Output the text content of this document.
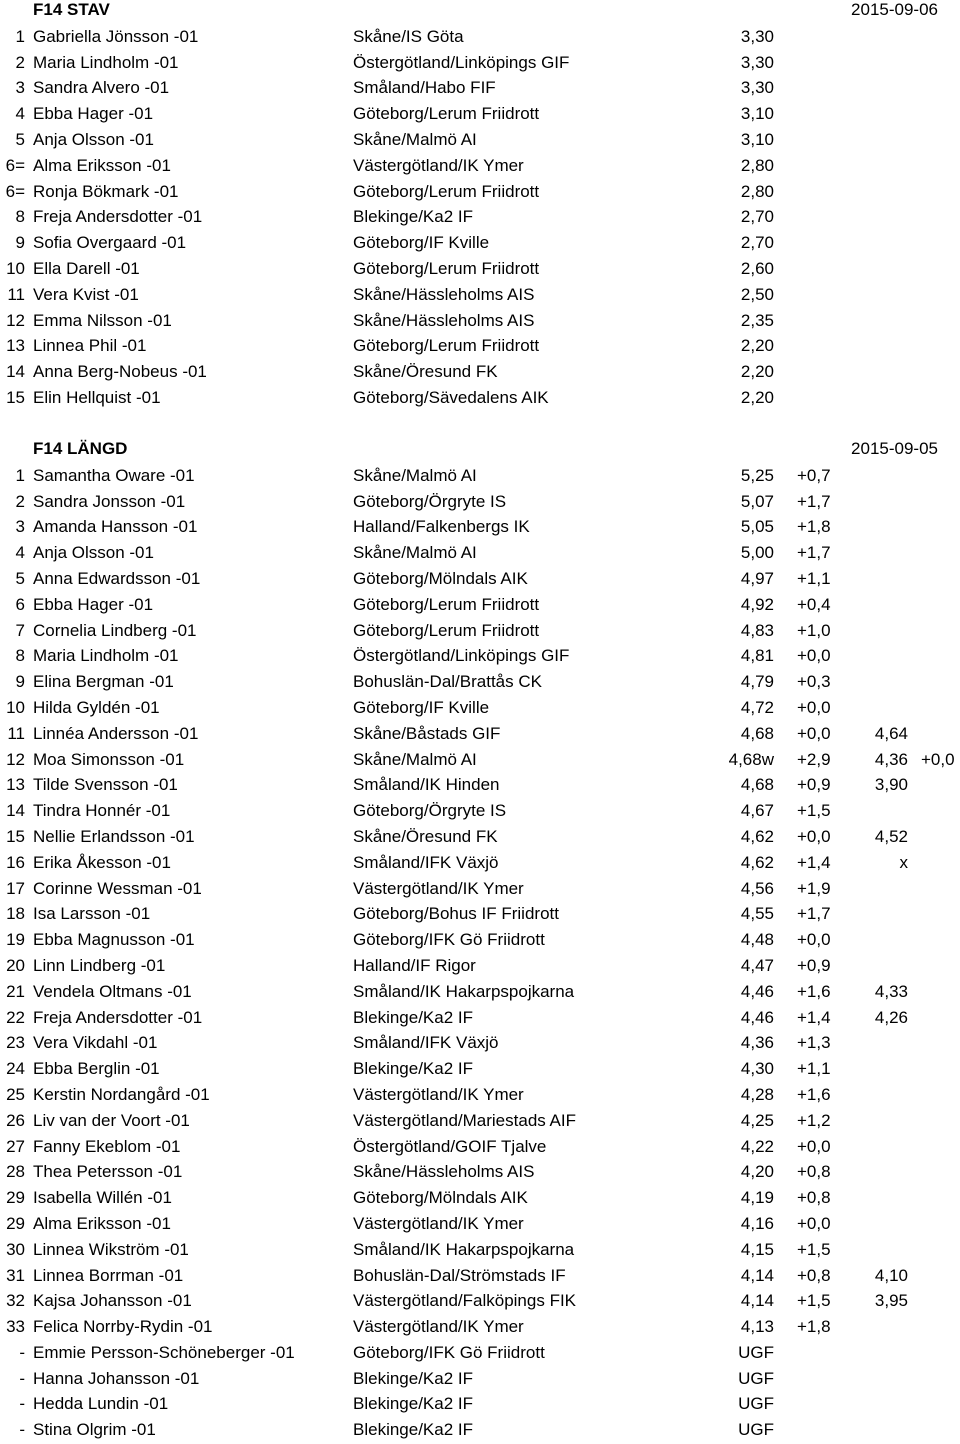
F14 STAV	2015-09-06
1 Gabriella Jönsson -01	Skåne/IS Göta	3,30
2 Maria Lindholm -01	Östergötland/Linköpings GIF	3,30
3 Sandra Alvero -01	Småland/Habo FIF	3,30
4 Ebba Hager -01	Göteborg/Lerum Friidrott	3,10
5 Anja Olsson -01	Skåne/Malmö AI	3,10
6= Alma Eriksson -01	Västergötland/IK Ymer	2,80
6= Ronja Bökmark -01	Göteborg/Lerum Friidrott	2,80
8 Freja Andersdotter -01	Blekinge/Ka2 IF	2,70
9 Sofia Overgaard -01	Göteborg/IF Kville	2,70
10 Ella Darell -01	Göteborg/Lerum Friidrott	2,60
11 Vera Kvist -01	Skåne/Hässleholms AIS	2,50
12 Emma Nilsson -01	Skåne/Hässleholms AIS	2,35
13 Linnea Phil -01	Göteborg/Lerum Friidrott	2,20
14 Anna Berg-Nobeus -01	Skåne/Öresund FK	2,20
15 Elin Hellquist -01	Göteborg/Sävedalens AIK	2,20
F14 LÄNGD	2015-09-05
1 Samantha Oware -01	Skåne/Malmö AI	5,25 +0,7
2 Sandra Jonsson -01	Göteborg/Örgryte IS	5,07 +1,7
3 Amanda Hansson -01	Halland/Falkenbergs IK	5,05 +1,8
4 Anja Olsson -01	Skåne/Malmö AI	5,00 +1,7
5 Anna Edwardsson -01	Göteborg/Mölndals AIK	4,97 +1,1
6 Ebba Hager -01	Göteborg/Lerum Friidrott	4,92 +0,4
7 Cornelia Lindberg -01	Göteborg/Lerum Friidrott	4,83 +1,0
8 Maria Lindholm -01	Östergötland/Linköpings GIF	4,81 +0,0
9 Elina Bergman -01	Bohuslän-Dal/Brattås CK	4,79 +0,3
10 Hilda Gyldén -01	Göteborg/IF Kville	4,72 +0,0
11 Linnéa Andersson -01	Skåne/Båstads GIF	4,68 +0,0	4,64
12 Moa Simonsson -01	Skåne/Malmö AI	4,68w +2,9	4,36 +0,0
13 Tilde Svensson -01	Småland/IK Hinden	4,68 +0,9	3,90
14 Tindra Honnér -01	Göteborg/Örgryte IS	4,67 +1,5
15 Nellie Erlandsson -01	Skåne/Öresund FK	4,62 +0,0	4,52
16 Erika Åkesson -01	Småland/IFK Växjö	4,62 +1,4	x
17 Corinne Wessman -01	Västergötland/IK Ymer	4,56 +1,9
18 Isa Larsson -01	Göteborg/Bohus IF Friidrott	4,55 +1,7
19 Ebba Magnusson -01	Göteborg/IFK Gö Friidrott	4,48 +0,0
20 Linn Lindberg -01	Halland/IF Rigor	4,47 +0,9
21 Vendela Oltmans -01	Småland/IK Hakarpspojkarna	4,46 +1,6	4,33
22 Freja Andersdotter -01	Blekinge/Ka2 IF	4,46 +1,4	4,26
23 Vera Vikdahl -01	Småland/IFK Växjö	4,36 +1,3
24 Ebba Berglin -01	Blekinge/Ka2 IF	4,30 +1,1
25 Kerstin Nordangård -01	Västergötland/IK Ymer	4,28 +1,6
26 Liv van der Voort -01	Västergötland/Mariestads AIF	4,25 +1,2
27 Fanny Ekeblom -01	Östergötland/GOIF Tjalve	4,22 +0,0
28 Thea Petersson -01	Skåne/Hässleholms AIS	4,20 +0,8
29 Isabella Willén -01	Göteborg/Mölndals AIK	4,19 +0,8
29 Alma Eriksson -01	Västergötland/IK Ymer	4,16 +0,0
30 Linnea Wikström -01	Småland/IK Hakarpspojkarna	4,15 +1,5
31 Linnea Borrman -01	Bohuslän-Dal/Strömstads IF	4,14 +0,8	4,10
32 Kajsa Johansson -01	Västergötland/Falköpings FIK	4,14 +1,5	3,95
33 Felica Norrby-Rydin -01	Västergötland/IK Ymer	4,13 +1,8
- Emmie Persson-Schöneberger -01	Göteborg/IFK Gö Friidrott	UGF
- Hanna Johansson -01	Blekinge/Ka2 IF	UGF
- Hedda Lundin -01	Blekinge/Ka2 IF	UGF
- Stina Olgrim -01	Blekinge/Ka2 IF	UGF
